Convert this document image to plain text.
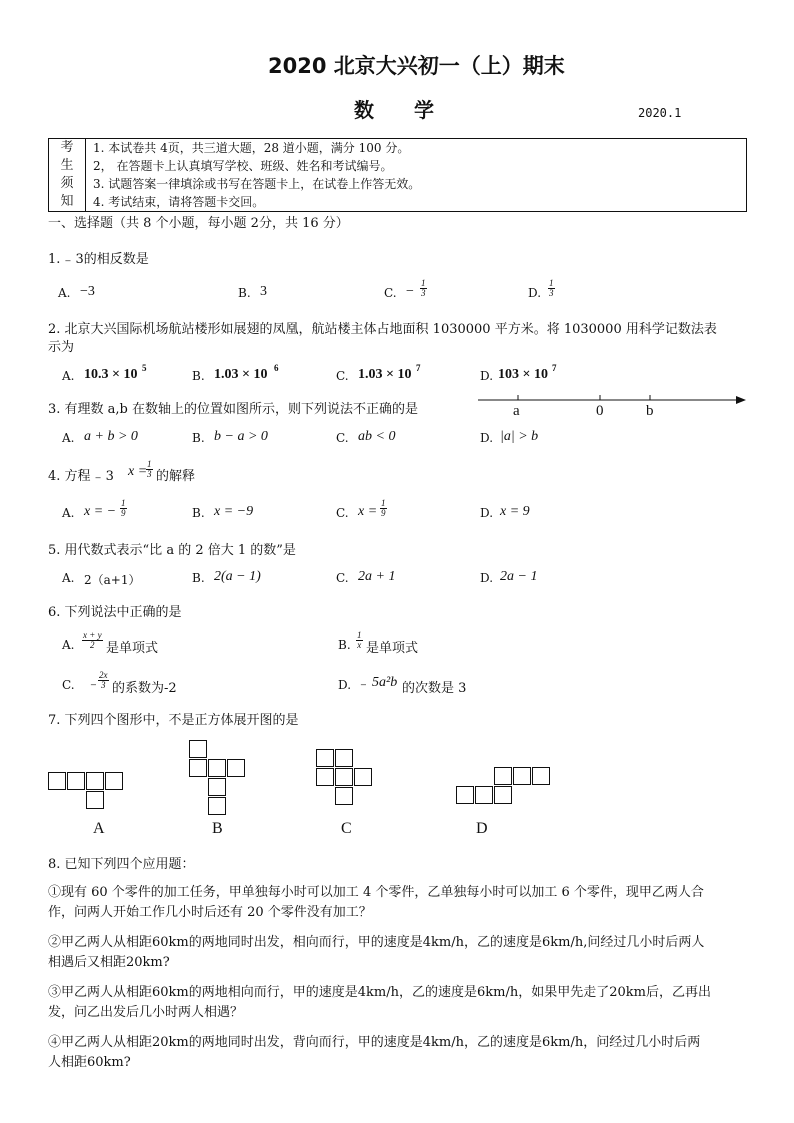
2020 北京大兴初一（上）期末
数学	2020.1
考
生
须
知
1. 本试卷共 4页，共三道大题，28 道小题，满分 100 分。
2， 在答题卡上认真填写学校、班级、姓名和考试编号。
3. 试题答案一律填涂或书写在答题卡上，在试卷上作答无效。
4. 考试结束，请将答题卡交回。
一、选择题（共 8 个小题，每小题 2分，共 16 分）
1. ₋ 3的相反数是
A. −3	B. 3	C. − $\frac{1}{3}$	D. $\frac{1}{3}$
2. 北京大兴国际机场航站楼形如展翅的凤凰，航站楼主体占地面积 1030000 平方米。将 1030000 用科学记数法表
示为
A. 10.3 × 10 5
B. 1.03 × 10 6
C. 1.03 × 10 7
D. 103 × 10 7
3. 有理数 a,b 在数轴上的位置如图所示，则下列说法不正确的是	a	0	b
A. a + b > 0	B. b − a > 0	C. ab < 0	D. |a| > b
4. 方程 ₋ 3 x =
$\frac{1}{3}$ 的解释
A. x = − $\frac{1}{9}$	B. x = −9	C. $x = \frac{1}{9}$	D. x = 9
5. 用代数式表示“比 a 的 2 倍大 1 的数”是
A. 2（a+1）	B. 2(a − 1)	C. 2a + 1	D. 2a − 1
6. 下列说法中正确的是
A. $\frac{x + y}{2}$ 是单项式	B. $\frac{1}{x}$ 是单项式
C. ₋ $\frac{2x}{3}$ 的系数为-2	D. ₋ 5a²b 的次数是 3
7. 下列四个图形中，不是正方体展开图的是
A	B	C	D
8. 已知下列四个应用题：
①现有 60 个零件的加工任务，甲单独每小时可以加工 4 个零件，乙单独每小时可以加工 6 个零件，现甲乙两人合
作，问两人开始工作几小时后还有 20 个零件没有加工？
②甲乙两人从相距60km的两地同时出发，相向而行，甲的速度是4km/h，乙的速度是6km/h,问经过几小时后两人
相遇后又相距20km?
③甲乙两人从相距60km的两地相向而行，甲的速度是4km/h，乙的速度是6km/h，如果甲先走了20km后，乙再出
发，问乙出发后几小时两人相遇？
④甲乙两人从相距20km的两地同时出发，背向而行，甲的速度是4km/h，乙的速度是6km/h，问经过几小时后两
人相距60km?
